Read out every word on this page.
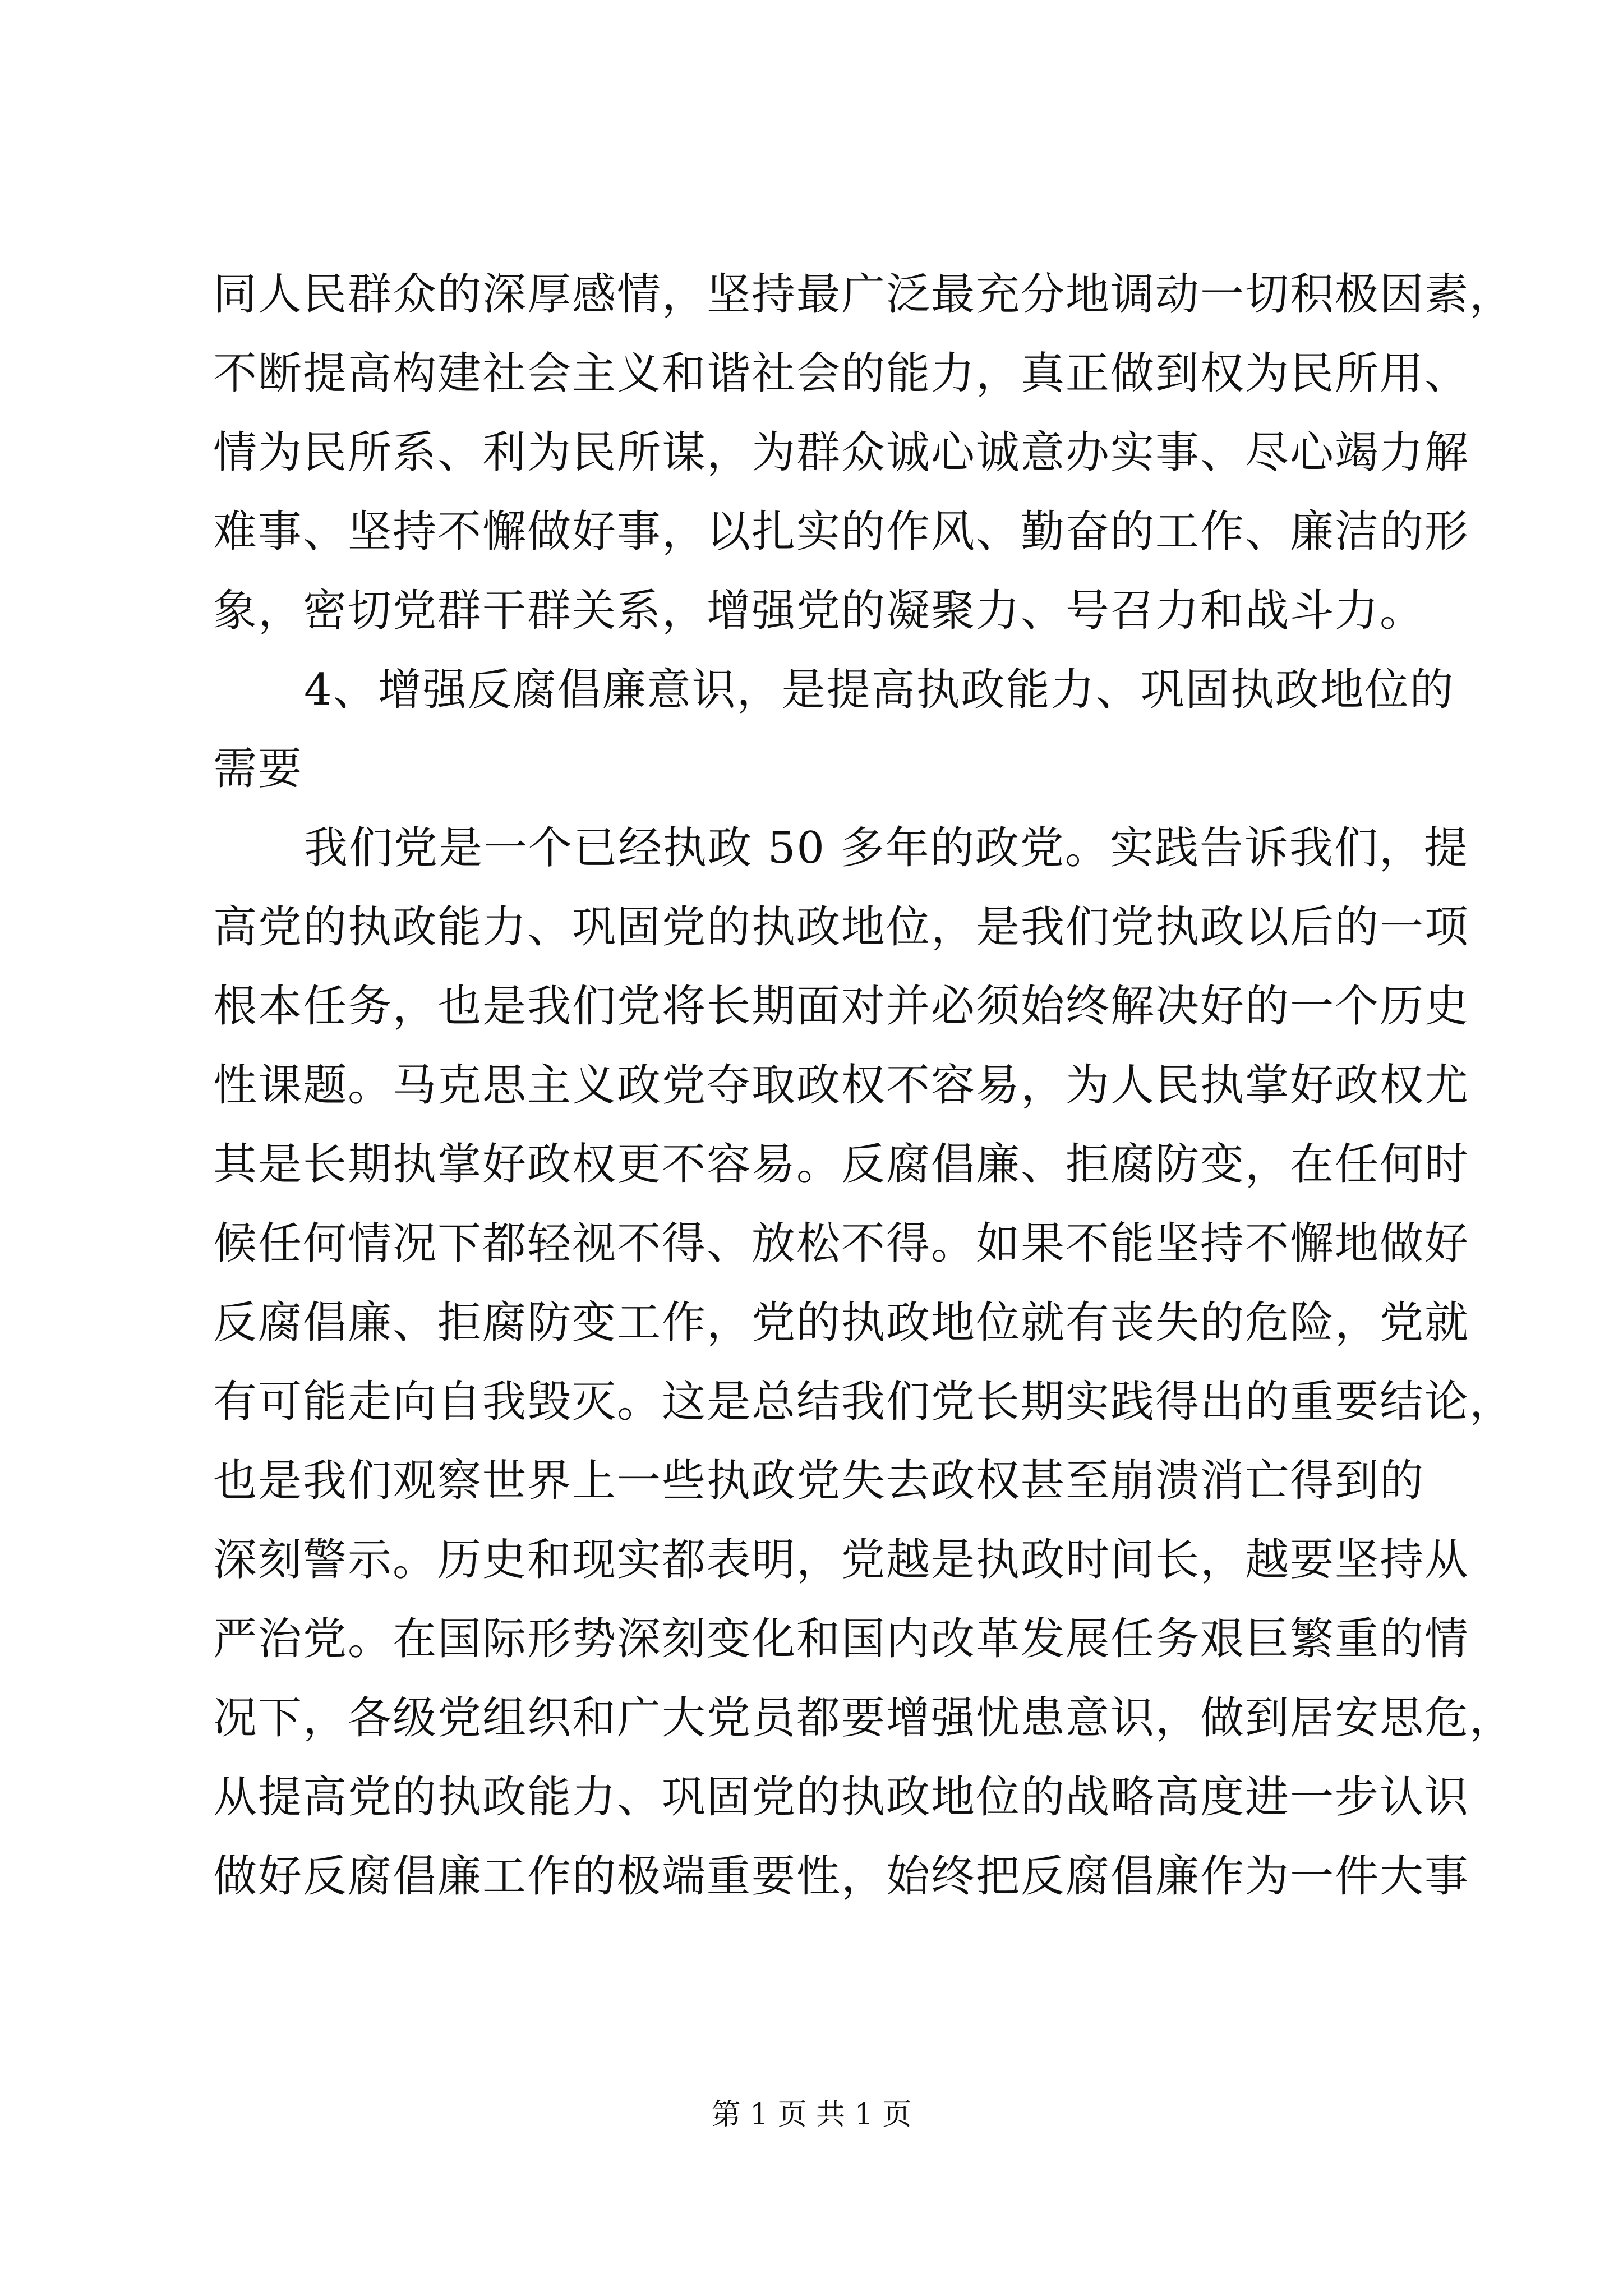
同人民群众的深厚感情，坚持最广泛最充分地调动一切积极因素，
不断提高构建社会主义和谐社会的能力，真正做到权为民所用、
情为民所系、利为民所谋，为群众诚心诚意办实事、尽心竭力解
难事、坚持不懈做好事，以扎实的作风、勤奋的工作、廉洁的形
象，密切党群干群关系，增强党的凝聚力、号召力和战斗力。
4、增强反腐倡廉意识，是提高执政能力、巩固执政地位的
需要
我们党是一个已经执政 50 多年的政党。实践告诉我们，提
高党的执政能力、巩固党的执政地位，是我们党执政以后的一项
根本任务，也是我们党将长期面对并必须始终解决好的一个历史
性课题。马克思主义政党夺取政权不容易，为人民执掌好政权尤
其是长期执掌好政权更不容易。反腐倡廉、拒腐防变，在任何时
候任何情况下都轻视不得、放松不得。如果不能坚持不懈地做好
反腐倡廉、拒腐防变工作，党的执政地位就有丧失的危险，党就
有可能走向自我毁灭。这是总结我们党长期实践得出的重要结论，
也是我们观察世界上一些执政党失去政权甚至崩溃消亡得到的
深刻警示。历史和现实都表明，党越是执政时间长，越要坚持从
严治党。在国际形势深刻变化和国内改革发展任务艰巨繁重的情
况下，各级党组织和广大党员都要增强忧患意识，做到居安思危，
从提高党的执政能力、巩固党的执政地位的战略高度进一步认识
做好反腐倡廉工作的极端重要性，始终把反腐倡廉作为一件大事
第 1 页 共 1 页
